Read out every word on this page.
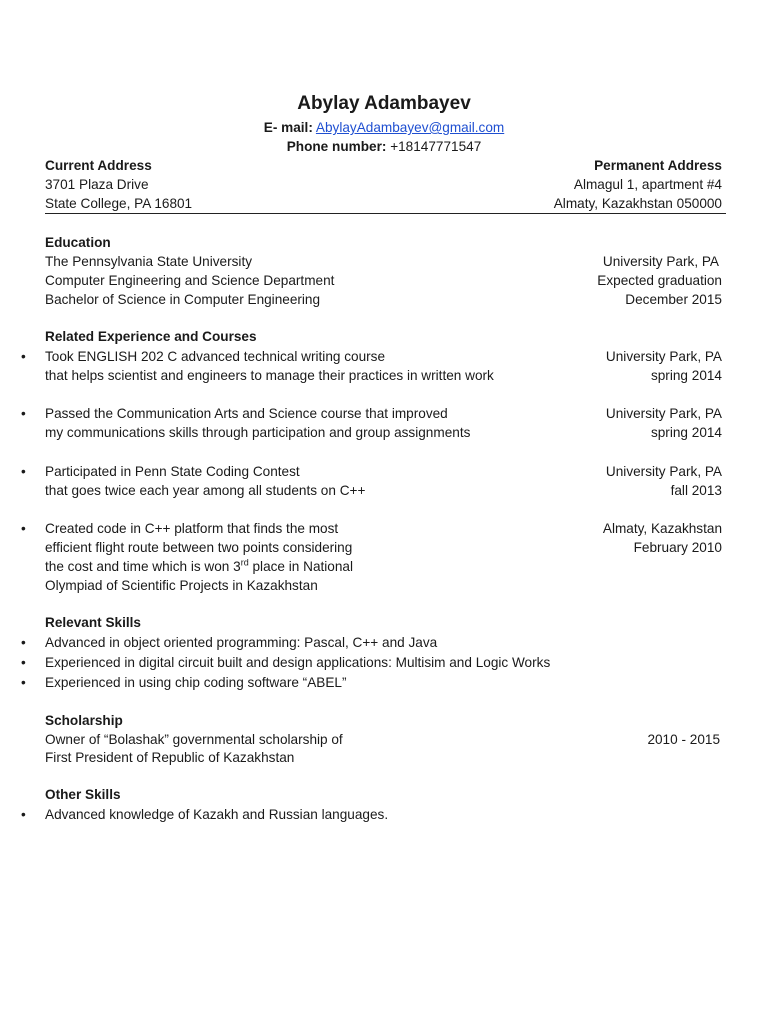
Abylay Adambayev
E- mail: AbylayAdambayev@gmail.com
Phone number: +18147771547
Current Address	Permanent Address
3701 Plaza Drive	Almagul 1, apartment #4
State College, PA 16801	Almaty, Kazakhstan 050000
Education
The Pennsylvania State University	University Park, PA
Computer Engineering and Science Department	Expected graduation
Bachelor of Science in Computer Engineering	December 2015
Related Experience and Courses
• Took ENGLISH 202 C advanced technical writing course	University Park, PA
that helps scientist and engineers to manage their practices in written work	spring 2014
• Passed the Communication Arts and Science course that improved	University Park, PA
my communications skills through participation and group assignments	spring 2014
• Participated in Penn State Coding Contest	University Park, PA
that goes twice each year among all students on C++	fall 2013
• Created code in C++ platform that finds the most	Almaty, Kazakhstan
efficient flight route between two points considering	February 2010
the cost and time which is won 3rd place in National
Olympiad of Scientific Projects in Kazakhstan
Relevant Skills
• Advanced in object oriented programming: Pascal, C++ and Java
• Experienced in digital circuit built and design applications: Multisim and Logic Works
• Experienced in using chip coding software “ABEL”
Scholarship
Owner of “Bolashak” governmental scholarship of	2010 - 2015
First President of Republic of Kazakhstan
Other Skills
• Advanced knowledge of Kazakh and Russian languages.
